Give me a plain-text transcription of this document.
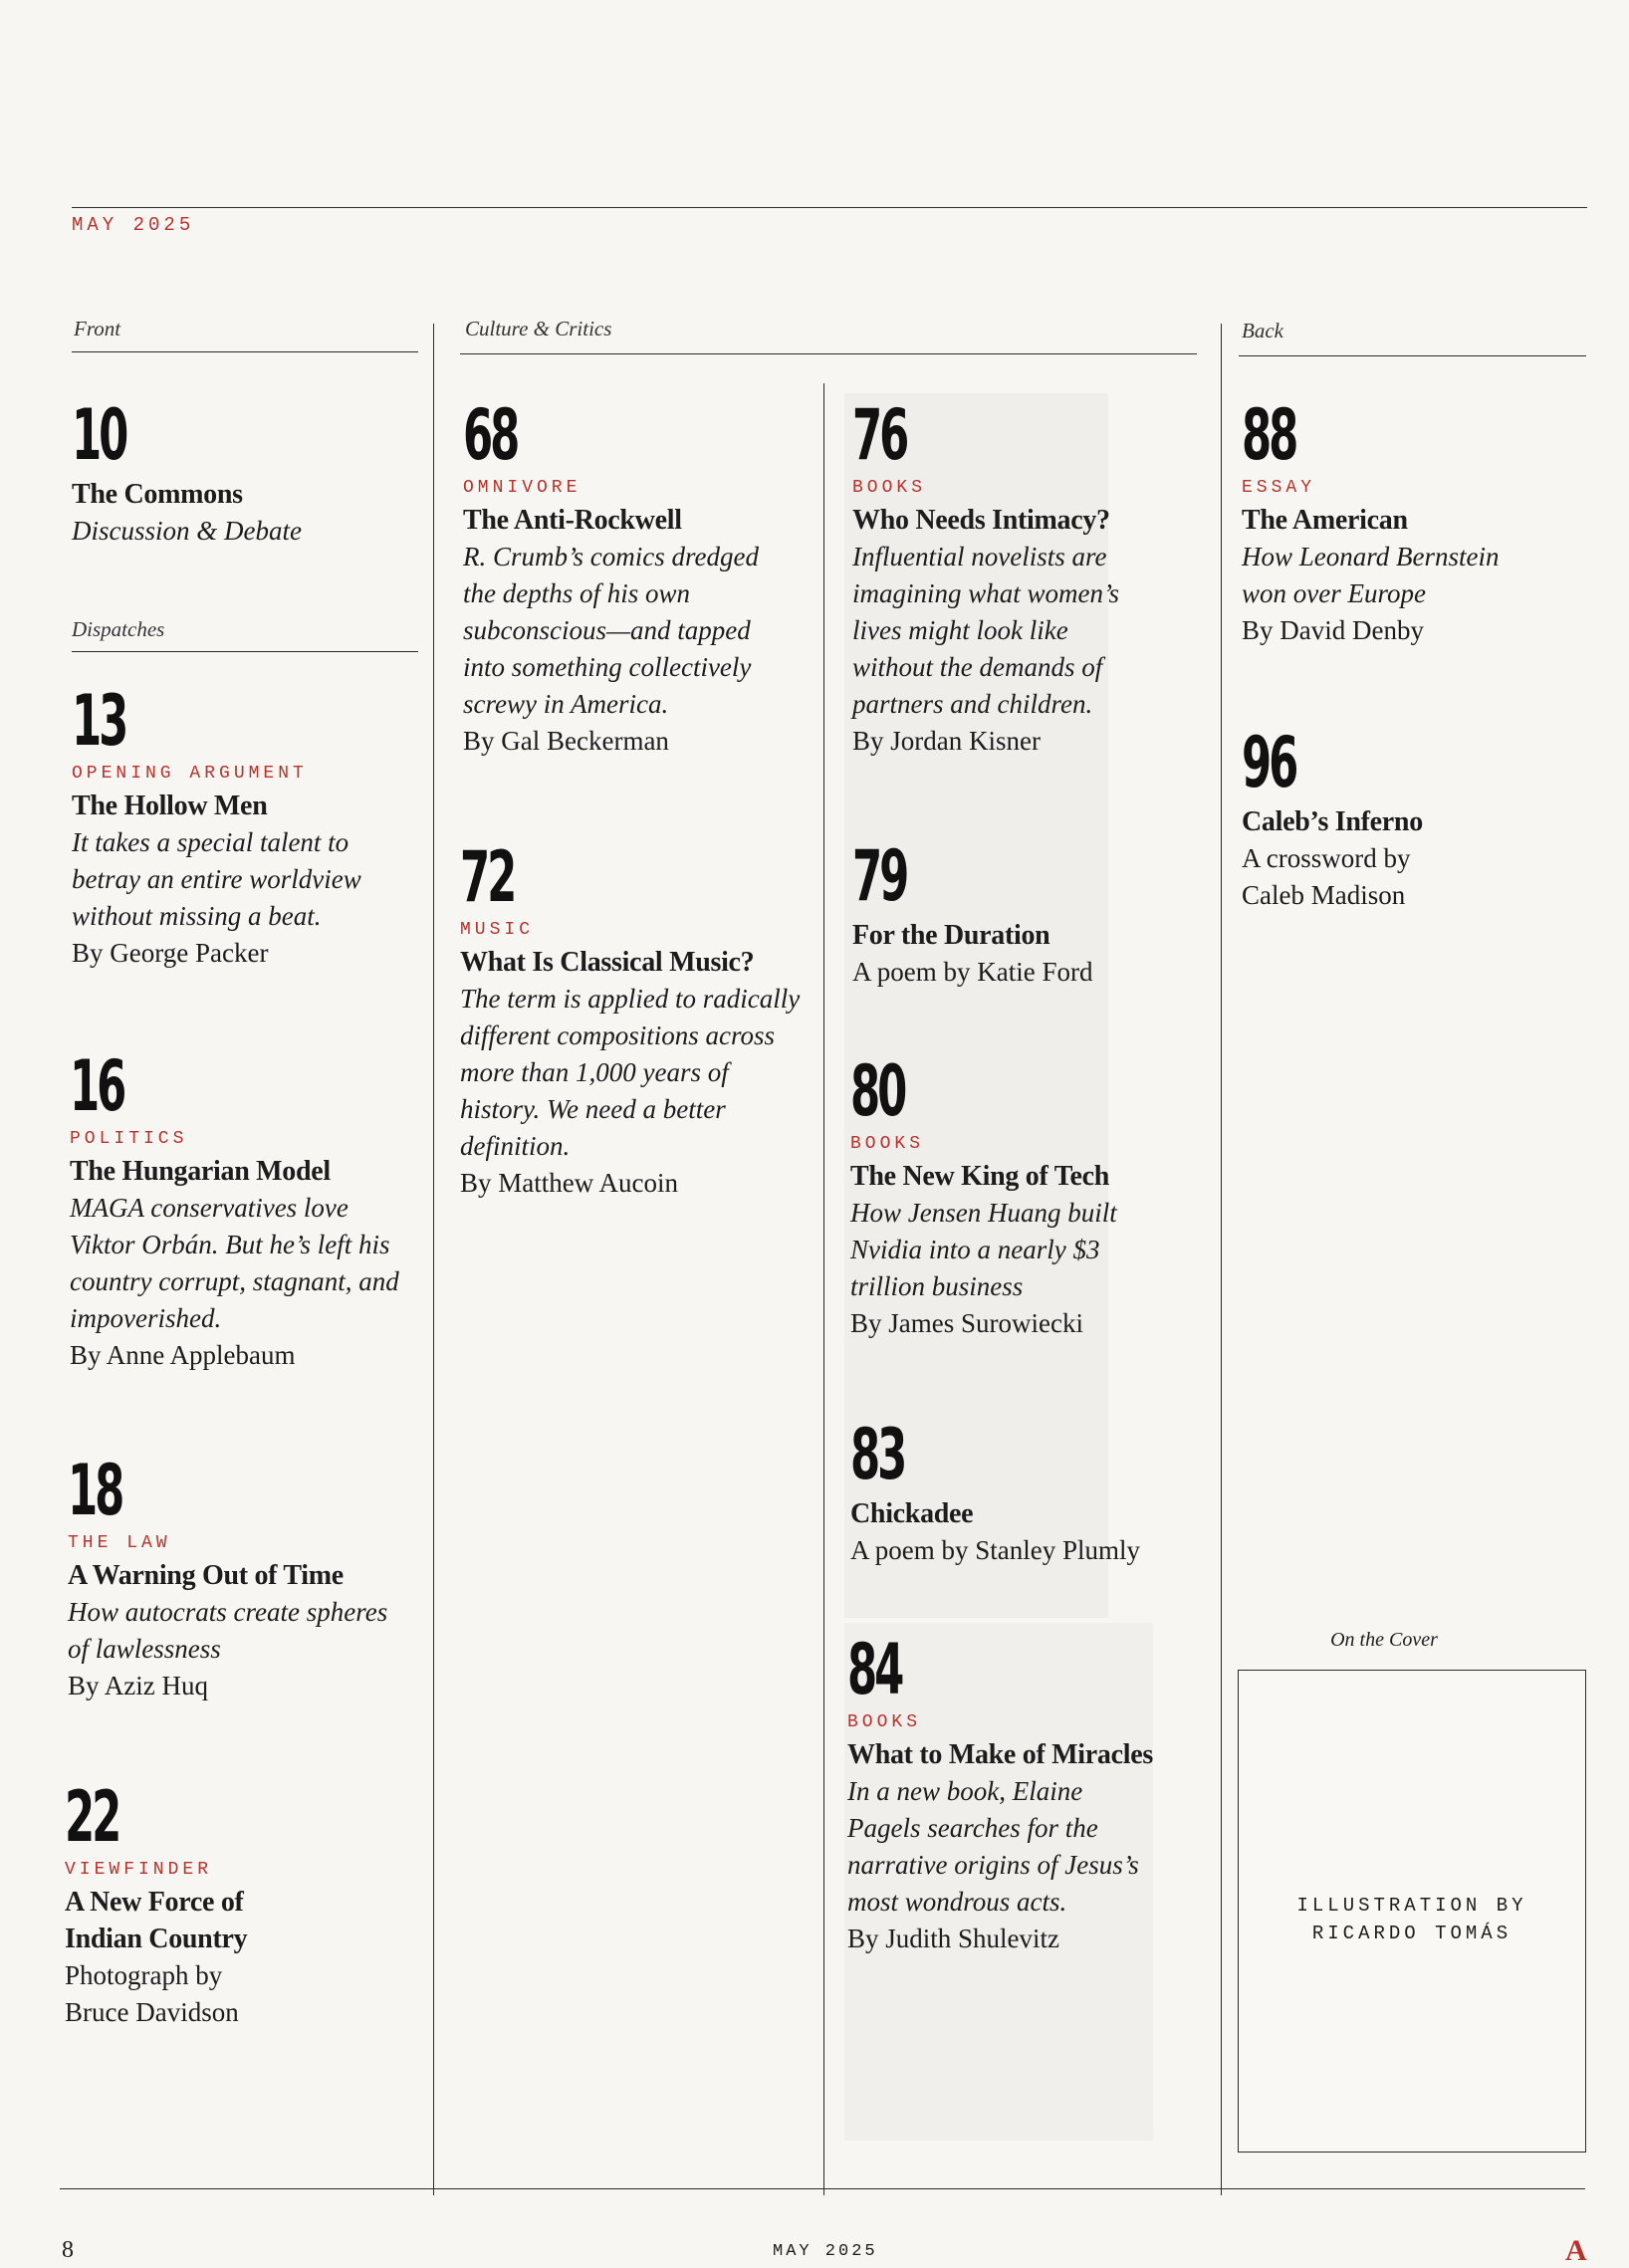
MAY 2025
Front	Culture & Critics	Back
Dispatches
10
The Commons
Discussion & Debate
13
OPENING ARGUMENT
The Hollow Men
It takes a special talent to betray an entire worldview without missing a beat.
By George Packer
16
POLITICS
The Hungarian Model
MAGA conservatives love Viktor Orbán. But he’s left his country corrupt, stagnant, and impoverished.
By Anne Applebaum
18
THE LAW
A Warning Out of Time
How autocrats create spheres of lawlessness
By Aziz Huq
22
VIEWFINDER
A New Force of Indian Country
Photograph by Bruce Davidson
68
OMNIVORE
The Anti-Rockwell
R. Crumb’s comics dredged the depths of his own subconscious—and tapped into something collectively screwy in America.
By Gal Beckerman
72
MUSIC
What Is Classical Music?
The term is applied to radically different compositions across more than 1,000 years of history. We need a better definition.
By Matthew Aucoin
76
BOOKS
Who Needs Intimacy?
Influential novelists are imagining what women’s lives might look like without the demands of partners and children.
By Jordan Kisner
79
For the Duration
A poem by Katie Ford
80
BOOKS
The New King of Tech
How Jensen Huang built Nvidia into a nearly $3 trillion business
By James Surowiecki
83
Chickadee
A poem by Stanley Plumly
84
BOOKS
What to Make of Miracles
In a new book, Elaine Pagels searches for the narrative origins of Jesus’s most wondrous acts.
By Judith Shulevitz
88
ESSAY
The American
How Leonard Bernstein won over Europe
By David Denby
96
Caleb’s Inferno
A crossword by Caleb Madison
On the Cover
ILLUSTRATION BY RICARDO TOMÁS
8	MAY 2025	A
